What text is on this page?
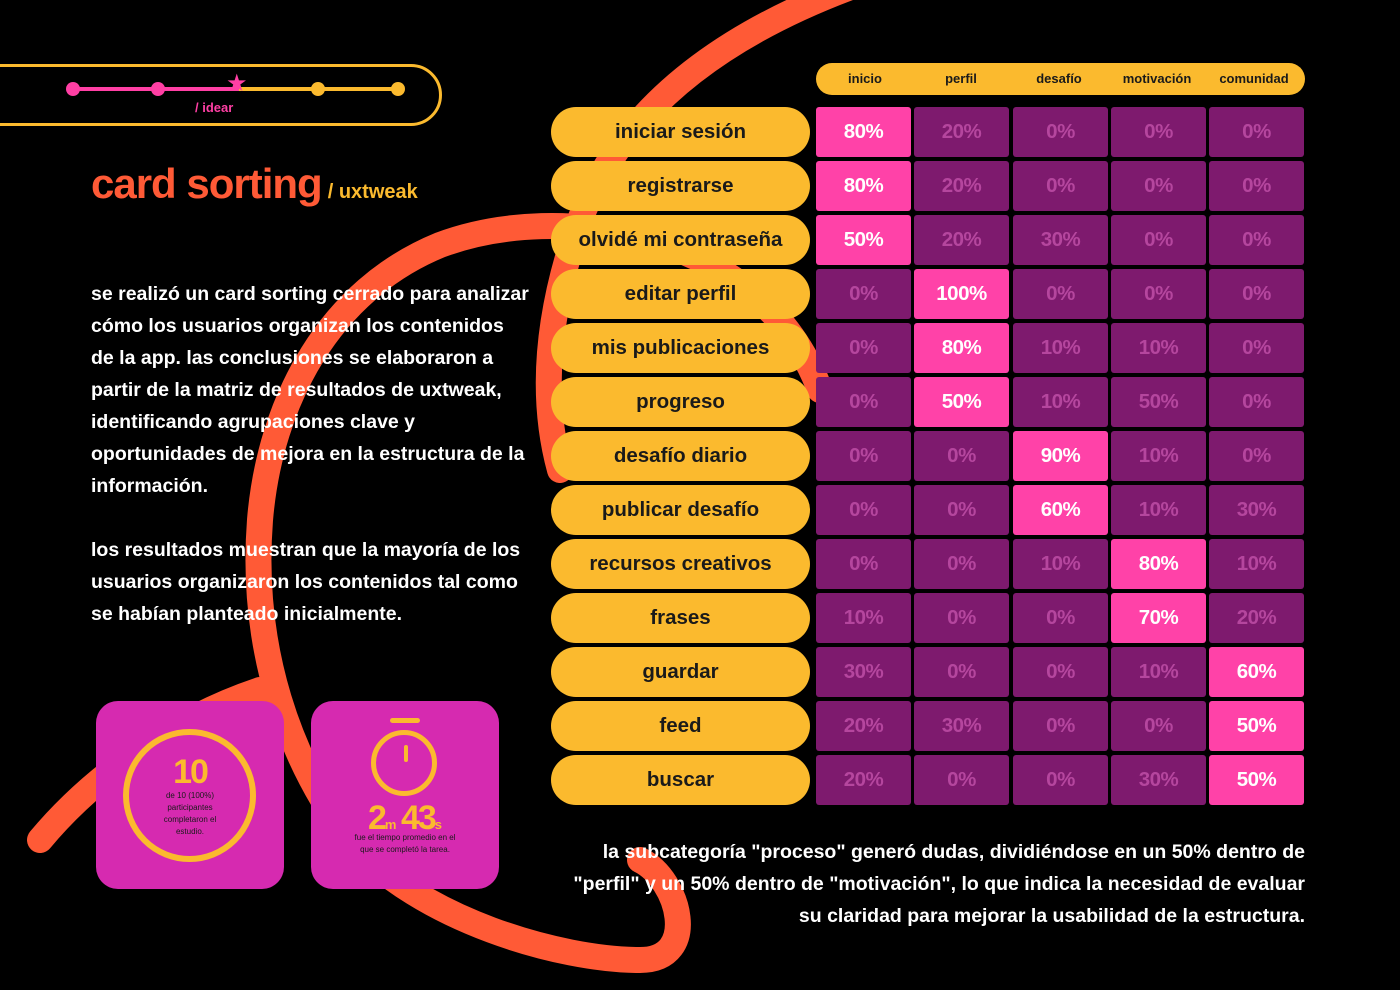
★
/ idear
card sorting / uxtweak

se realizó un card sorting cerrado para analizar cómo los usuarios organizan los contenidos de la app. las conclusiones se elaboraron a partir de la matriz de resultados de uxtweak, identificando agrupaciones clave y oportunidades de mejora en la estructura de la información.

los resultados muestran que la mayoría de los usuarios organizaron los contenidos tal como se habían planteado inicialmente.

10
de 10 (100%) participantes completaron el estudio.	2m 43s
fue el tiempo promedio en el que se completó la tarea.
inicio	perfil	desafío	motivación	comunidad
iniciar sesión	80%	20%	0%	0%	0%
registrarse	80%	20%	0%	0%	0%
olvidé mi contraseña	50%	20%	30%	0%	0%
editar perfil	0%	100%	0%	0%	0%
mis publicaciones	0%	80%	10%	10%	0%
progreso	0%	50%	10%	50%	0%
desafío diario	0%	0%	90%	10%	0%
publicar desafío	0%	0%	60%	10%	30%
recursos creativos	0%	0%	10%	80%	10%
frases	10%	0%	0%	70%	20%
guardar	30%	0%	0%	10%	60%
feed	20%	30%	0%	0%	50%
buscar	20%	0%	0%	30%	50%
la subcategoría "proceso" generó dudas, dividiéndose en un 50% dentro de "perfil" y un 50% dentro de "motivación", lo que indica la necesidad de evaluar su claridad para mejorar la usabilidad de la estructura.
